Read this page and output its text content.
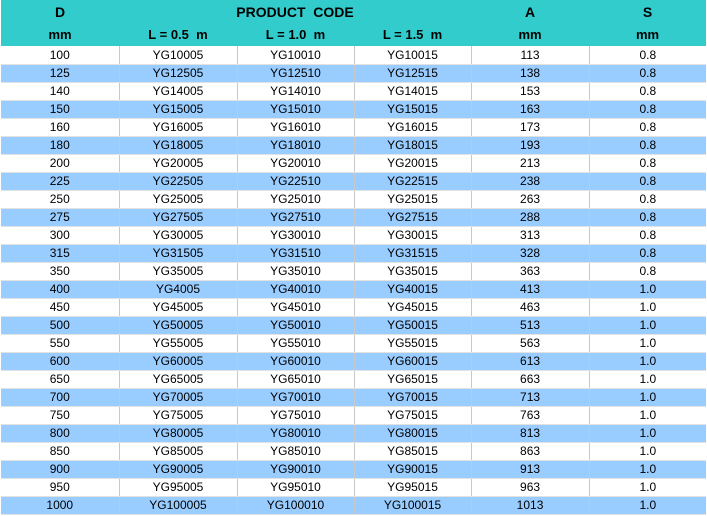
D	PRODUCT  CODE			A	S
mm	L = 0.5  m	L = 1.0  m	L = 1.5  m	mm	mm
100	YG10005	YG10010	YG10015	113	0.8
125	YG12505	YG12510	YG12515	138	0.8
140	YG14005	YG14010	YG14015	153	0.8
150	YG15005	YG15010	YG15015	163	0.8
160	YG16005	YG16010	YG16015	173	0.8
180	YG18005	YG18010	YG18015	193	0.8
200	YG20005	YG20010	YG20015	213	0.8
225	YG22505	YG22510	YG22515	238	0.8
250	YG25005	YG25010	YG25015	263	0.8
275	YG27505	YG27510	YG27515	288	0.8
300	YG30005	YG30010	YG30015	313	0.8
315	YG31505	YG31510	YG31515	328	0.8
350	YG35005	YG35010	YG35015	363	0.8
400	YG4005	YG40010	YG40015	413	1.0
450	YG45005	YG45010	YG45015	463	1.0
500	YG50005	YG50010	YG50015	513	1.0
550	YG55005	YG55010	YG55015	563	1.0
600	YG60005	YG60010	YG60015	613	1.0
650	YG65005	YG65010	YG65015	663	1.0
700	YG70005	YG70010	YG70015	713	1.0
750	YG75005	YG75010	YG75015	763	1.0
800	YG80005	YG80010	YG80015	813	1.0
850	YG85005	YG85010	YG85015	863	1.0
900	YG90005	YG90010	YG90015	913	1.0
950	YG95005	YG95010	YG95015	963	1.0
1000	YG100005	YG100010	YG100015	1013	1.0
